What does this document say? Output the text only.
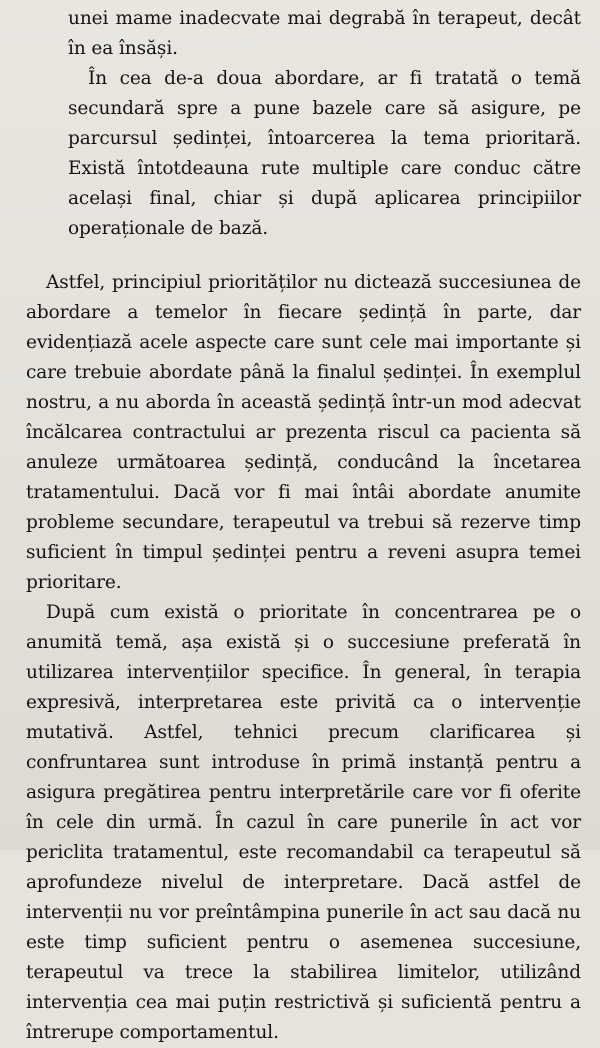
unei mame inadecvate mai degrabă în terapeut, decât în ea însăși.

În cea de-a doua abordare, ar fi tratată o temă secundară spre a pune bazele care să asigure, pe parcursul ședinței, întoarcerea la tema prioritară. Există întotdeauna rute multiple care conduc către același final, chiar și după aplicarea principiilor operaționale de bază.

Astfel, principiul priorităților nu dictează succesiunea de abordare a temelor în fiecare ședință în parte, dar evidențiază acele aspecte care sunt cele mai importante și care trebuie abordate până la finalul ședinței. În exemplul nostru, a nu aborda în această ședință într-un mod adecvat încălcarea contractului ar prezenta riscul ca pacienta să anuleze următoarea ședință, conducând la încetarea tratamentului. Dacă vor fi mai întâi abordate anumite probleme secundare, terapeutul va trebui să rezerve timp suficient în timpul ședinței pentru a reveni asupra temei prioritare.

După cum există o prioritate în concentrarea pe o anumită temă, așa există și o succesiune preferată în utilizarea intervențiilor specifice. În general, în terapia expresivă, interpretarea este privită ca o intervenție mutativă. Astfel, tehnici precum clarificarea și confruntarea sunt introduse în primă instanță pentru a asigura pregătirea pentru interpretările care vor fi oferite în cele din urmă. În cazul în care punerile în act vor periclita tratamentul, este recomandabil ca terapeutul să aprofundeze nivelul de interpretare. Dacă astfel de intervenții nu vor preîntâmpina punerile în act sau dacă nu este timp suficient pentru o asemenea succesiune, terapeutul va trece la stabilirea limitelor, utilizând intervenția cea mai puțin restrictivă și suficientă pentru a întrerupe comportamentul.
